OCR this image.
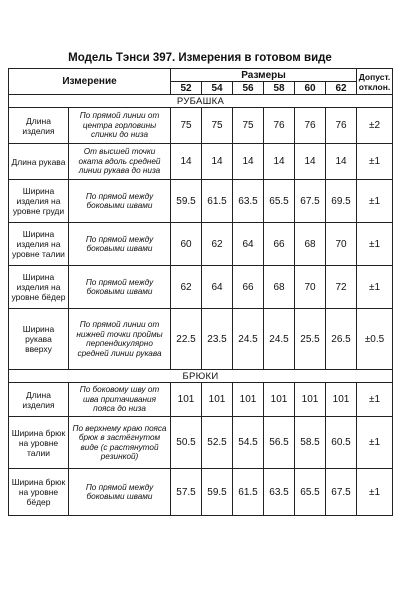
Модель Тэнси 397. Измерения в готовом виде
Измерение		Размеры						Допуст. отклон.
		52	54	56	58	60	62	
РУБАШКА								
Длина изделия	По прямой линии от центра горловины спинки до низа	75	75	75	76	76	76	±2
Длина рукава	От высшей точки оката вдоль средней линии рукава до низа	14	14	14	14	14	14	±1
Ширина изделия на уровне груди	По прямой между боковыми швами	59.5	61.5	63.5	65.5	67.5	69.5	±1
Ширина изделия на уровне талии	По прямой между боковыми швами	60	62	64	66	68	70	±1
Ширина изделия на уровне бёдер	По прямой между боковыми швами	62	64	66	68	70	72	±1
Ширина рукава вверху	По прямой линии от нижней точки проймы перпендикулярно средней линии рукава	22.5	23.5	24.5	24.5	25.5	26.5	±0.5
БРЮКИ								
Длина изделия	По боковому шву от шва притачивания пояса до низа	101	101	101	101	101	101	±1
Ширина брюк на уровне талии	По верхнему краю пояса брюк в застёгнутом виде (с растянутой резинкой)	50.5	52.5	54.5	56.5	58.5	60.5	±1
Ширина брюк на уровне бёдер	По прямой между боковыми швами	57.5	59.5	61.5	63.5	65.5	67.5	±1
